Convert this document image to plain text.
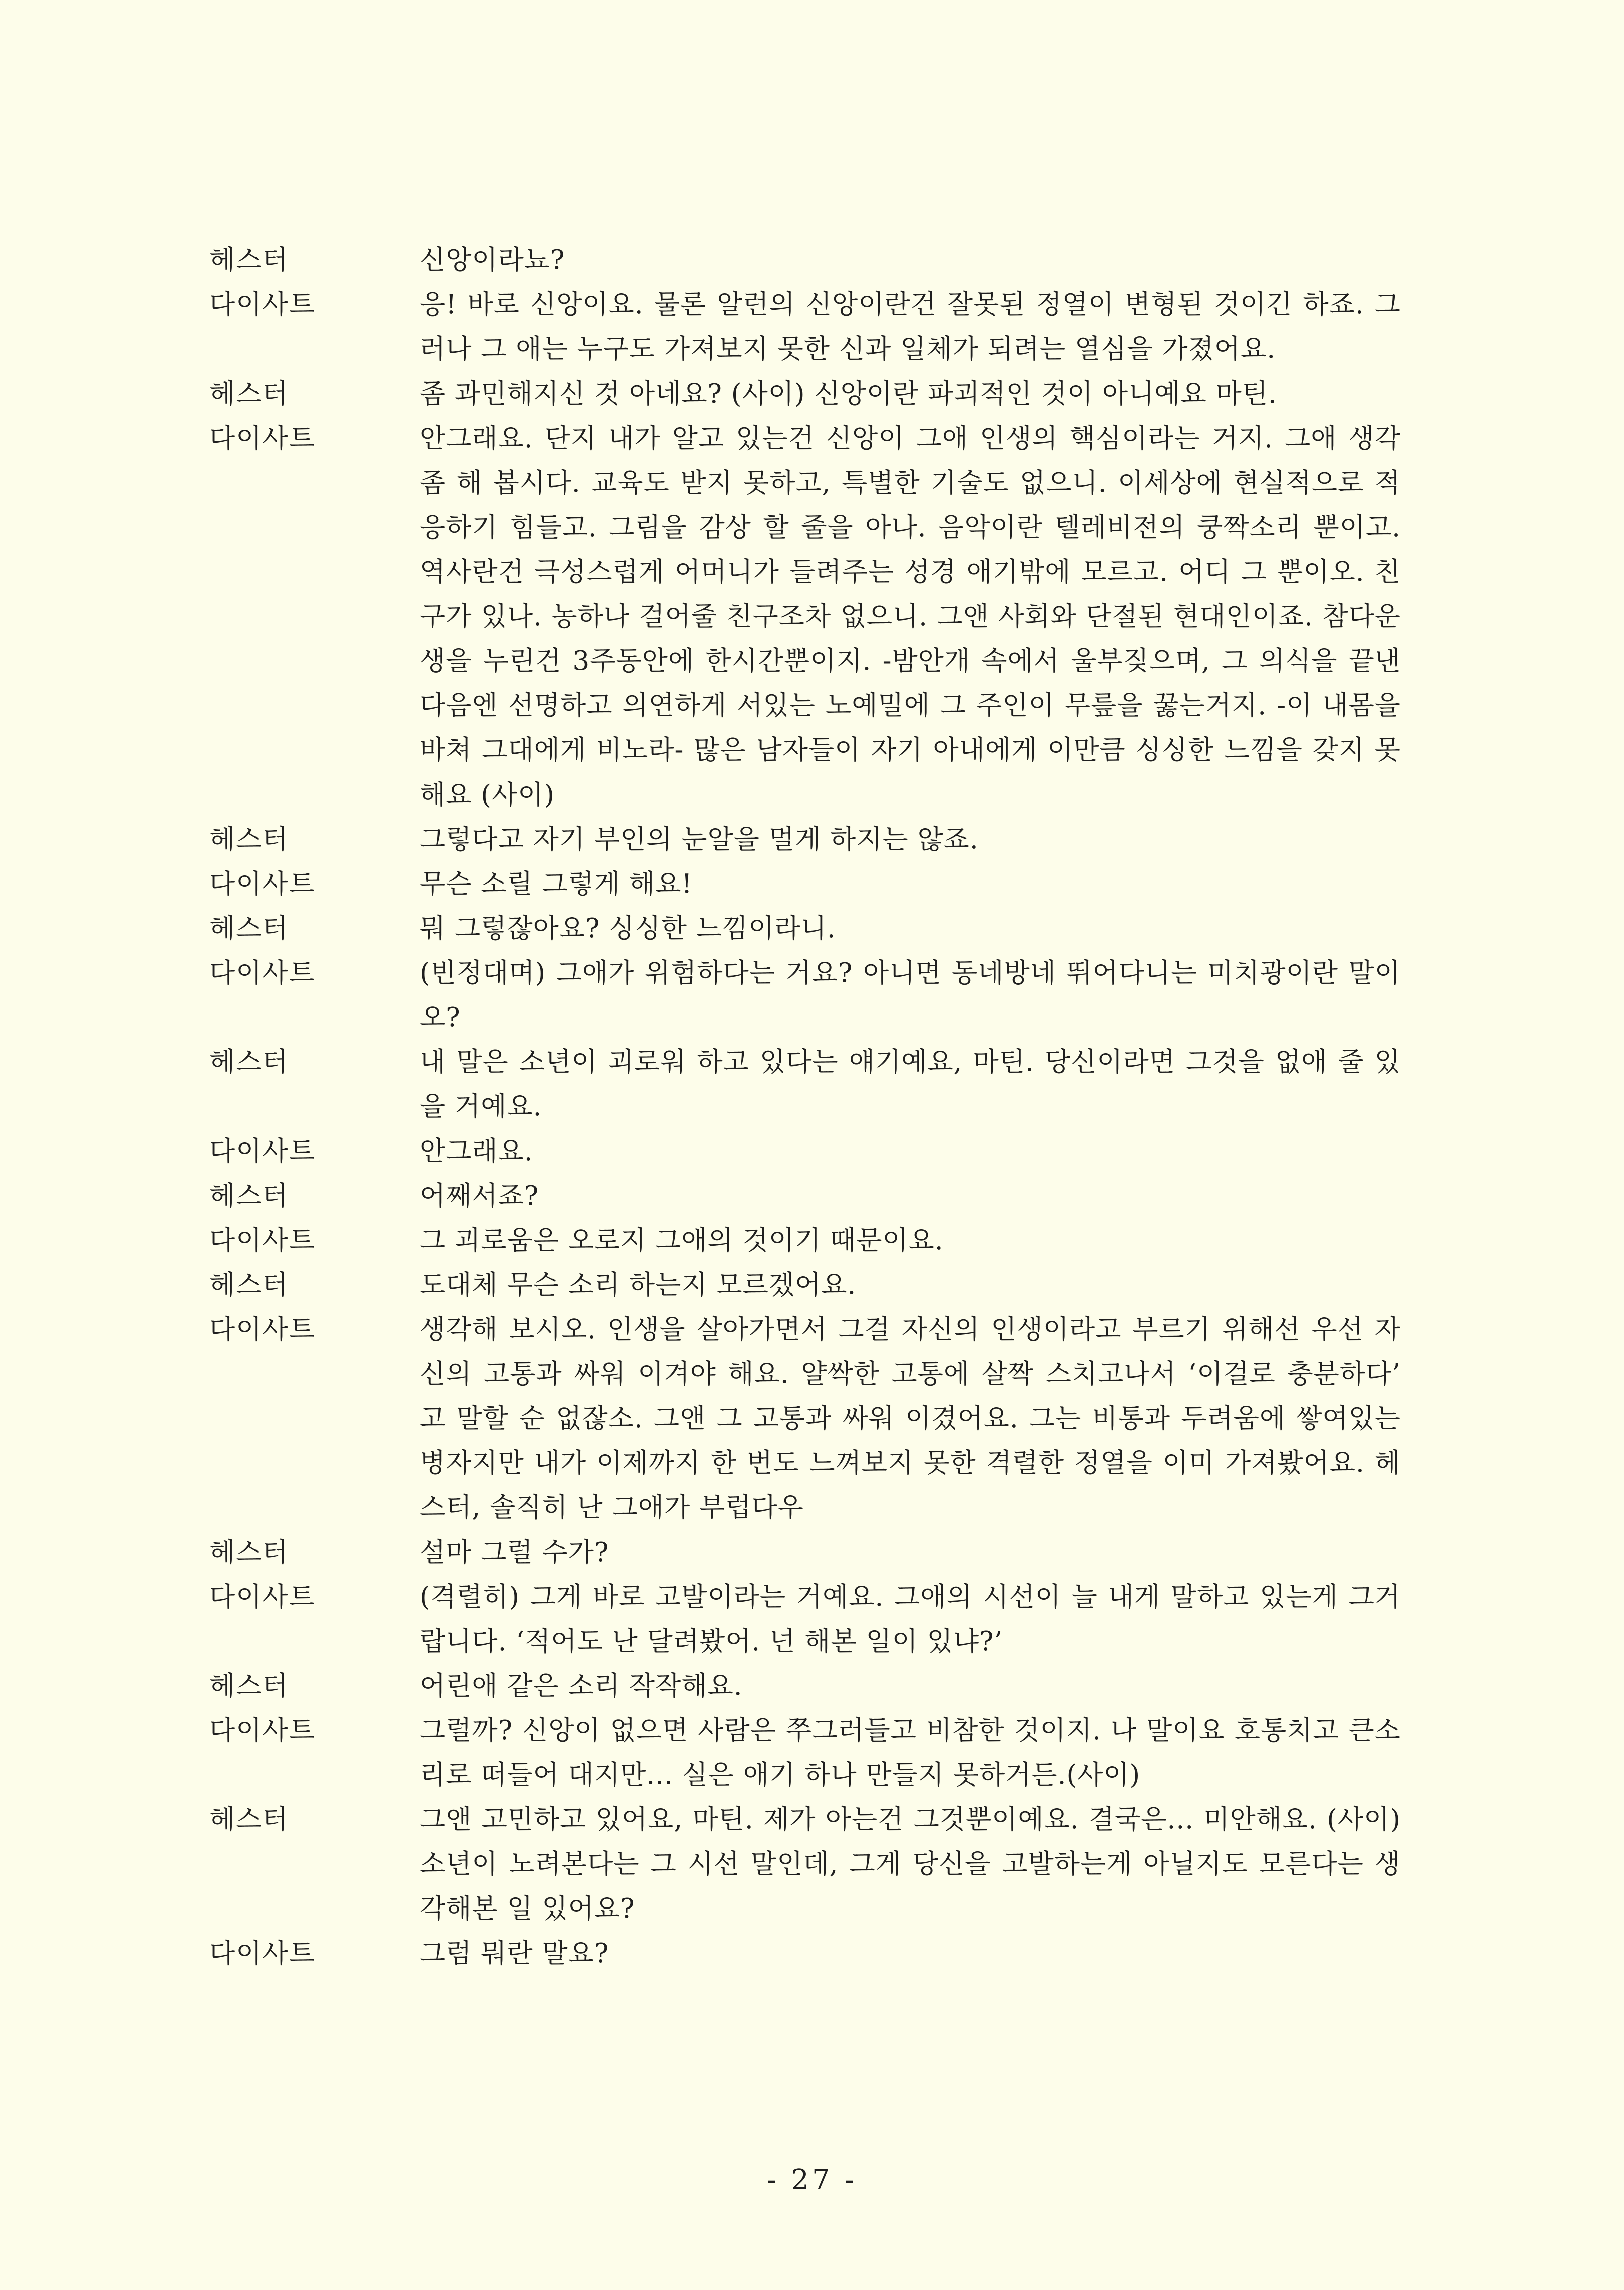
헤스터	신앙이라뇨?
다이사트	응! 바로 신앙이요. 물론 알런의 신앙이란건 잘못된 정열이 변형된 것이긴 하죠. 그러나 그 애는 누구도 가져보지 못한 신과 일체가 되려는 열심을 가졌어요.
헤스터	좀 과민해지신 것 아네요? (사이) 신앙이란 파괴적인 것이 아니예요 마틴.
다이사트	안그래요. 단지 내가 알고 있는건 신앙이 그애 인생의 핵심이라는 거지. 그애 생각 좀 해 봅시다. 교육도 받지 못하고, 특별한 기술도 없으니. 이세상에 현실적으로 적응하기 힘들고. 그림을 감상 할 줄을 아나. 음악이란 텔레비전의 쿵짝소리 뿐이고. 역사란건 극성스럽게 어머니가 들려주는 성경 애기밖에 모르고. 어디 그 뿐이오. 친구가 있나. 농하나 걸어줄 친구조차 없으니. 그앤 사회와 단절된 현대인이죠. 참다운 생을 누린건 3주동안에 한시간뿐이지. -밤안개 속에서 울부짖으며, 그 의식을 끝낸 다음엔 선명하고 의연하게 서있는 노예밀에 그 주인이 무릎을 꿇는거지. -이 내몸을 바쳐 그대에게 비노라- 많은 남자들이 자기 아내에게 이만큼 싱싱한 느낌을 갖지 못해요 (사이)
헤스터	그렇다고 자기 부인의 눈알을 멀게 하지는 않죠.
다이사트	무슨 소릴 그렇게 해요!
헤스터	뭐 그렇잖아요? 싱싱한 느낌이라니.
다이사트	(빈정대며) 그애가 위험하다는 거요? 아니면 동네방네 뛰어다니는 미치광이란 말이오?
헤스터	내 말은 소년이 괴로워 하고 있다는 얘기예요, 마틴. 당신이라면 그것을 없애 줄 있을 거예요.
다이사트	안그래요.
헤스터	어째서죠?
다이사트	그 괴로움은 오로지 그애의 것이기 때문이요.
헤스터	도대체 무슨 소리 하는지 모르겠어요.
다이사트	생각해 보시오. 인생을 살아가면서 그걸 자신의 인생이라고 부르기 위해선 우선 자신의 고통과 싸워 이겨야 해요. 얄싹한 고통에 살짝 스치고나서 ‘이걸로 충분하다’ 고 말할 순 없잖소. 그앤 그 고통과 싸워 이겼어요. 그는 비통과 두려움에 쌓여있는 병자지만 내가 이제까지 한 번도 느껴보지 못한 격렬한 정열을 이미 가져봤어요. 헤스터, 솔직히 난 그애가 부럽다우
헤스터	설마 그럴 수가?
다이사트	(격렬히) 그게 바로 고발이라는 거예요. 그애의 시선이 늘 내게 말하고 있는게 그거랍니다. ‘적어도 난 달려봤어. 넌 해본 일이 있냐?’
헤스터	어린애 같은 소리 작작해요.
다이사트	그럴까? 신앙이 없으면 사람은 쭈그러들고 비참한 것이지. 나 말이요 호통치고 큰소리로 떠들어 대지만... 실은 애기 하나 만들지 못하거든.(사이)
헤스터	그앤 고민하고 있어요, 마틴. 제가 아는건 그것뿐이예요. 결국은... 미안해요. (사이) 소년이 노려본다는 그 시선 말인데, 그게 당신을 고발하는게 아닐지도 모른다는 생각해본 일 있어요?
다이사트	그럼 뭐란 말요?
- 27 -
